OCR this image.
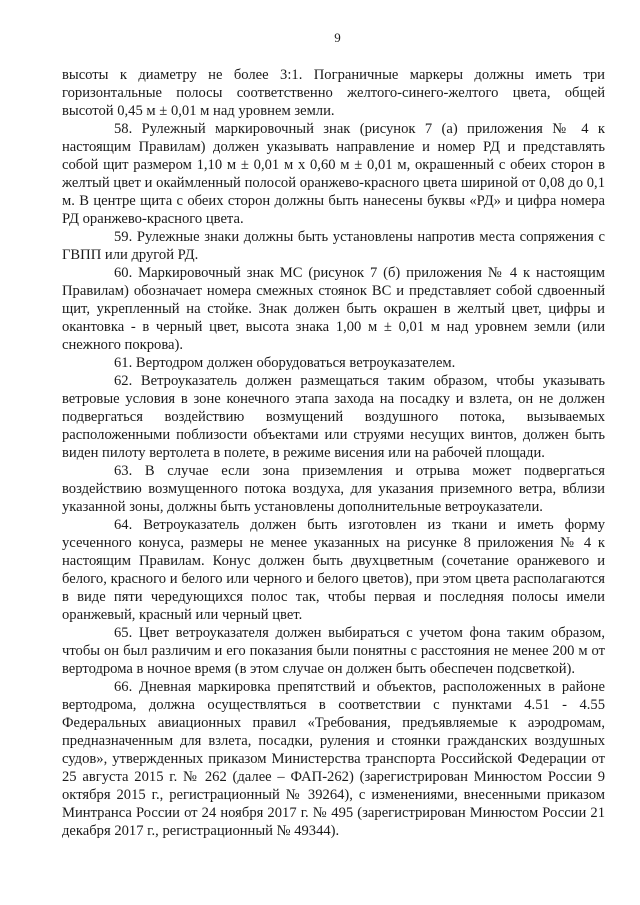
9

высоты к диаметру не более 3:1. Пограничные маркеры должны иметь три горизонтальные полосы соответственно желтого-синего-желтого цвета, общей высотой 0,45 м ± 0,01 м над уровнем земли.

58. Рулежный маркировочный знак (рисунок 7 (а) приложения № 4 к настоящим Правилам) должен указывать направление и номер РД и представлять собой щит размером 1,10 м ± 0,01 м х 0,60 м ± 0,01 м, окрашенный с обеих сторон в желтый цвет и окаймленный полосой оранжево-красного цвета шириной от 0,08 до 0,1 м. В центре щита с обеих сторон должны быть нанесены буквы «РД» и цифра номера РД оранжево-красного цвета.

59. Рулежные знаки должны быть установлены напротив места сопряжения с ГВПП или другой РД.

60. Маркировочный знак МС (рисунок 7 (б) приложения № 4 к настоящим Правилам) обозначает номера смежных стоянок ВС и представляет собой сдвоенный щит, укрепленный на стойке. Знак должен быть окрашен в желтый цвет, цифры и окантовка - в черный цвет, высота знака 1,00 м ± 0,01 м над уровнем земли (или снежного покрова).

61. Вертодром должен оборудоваться ветроуказателем.

62. Ветроуказатель должен размещаться таким образом, чтобы указывать ветровые условия в зоне конечного этапа захода на посадку и взлета, он не должен подвергаться воздействию возмущений воздушного потока, вызываемых расположенными поблизости объектами или струями несущих винтов, должен быть виден пилоту вертолета в полете, в режиме висения или на рабочей площади.

63. В случае если зона приземления и отрыва может подвергаться воздействию возмущенного потока воздуха, для указания приземного ветра, вблизи указанной зоны, должны быть установлены дополнительные ветроуказатели.

64. Ветроуказатель должен быть изготовлен из ткани и иметь форму усеченного конуса, размеры не менее указанных на рисунке 8 приложения № 4 к настоящим Правилам. Конус должен быть двухцветным (сочетание оранжевого и белого, красного и белого или черного и белого цветов), при этом цвета располагаются в виде пяти чередующихся полос так, чтобы первая и последняя полосы имели оранжевый, красный или черный цвет.

65. Цвет ветроуказателя должен выбираться с учетом фона таким образом, чтобы он был различим и его показания были понятны с расстояния не менее 200 м от вертодрома в ночное время (в этом случае он должен быть обеспечен подсветкой).

66. Дневная маркировка препятствий и объектов, расположенных в районе вертодрома, должна осуществляться в соответствии с пунктами 4.51 - 4.55 Федеральных авиационных правил «Требования, предъявляемые к аэродромам, предназначенным для взлета, посадки, руления и стоянки гражданских воздушных судов», утвержденных приказом Министерства транспорта Российской Федерации от 25 августа 2015 г. № 262 (далее – ФАП-262) (зарегистрирован Минюстом России 9 октября 2015 г., регистрационный № 39264), с изменениями, внесенными приказом Минтранса России от 24 ноября 2017 г. № 495 (зарегистрирован Минюстом России 21 декабря 2017 г., регистрационный № 49344).
